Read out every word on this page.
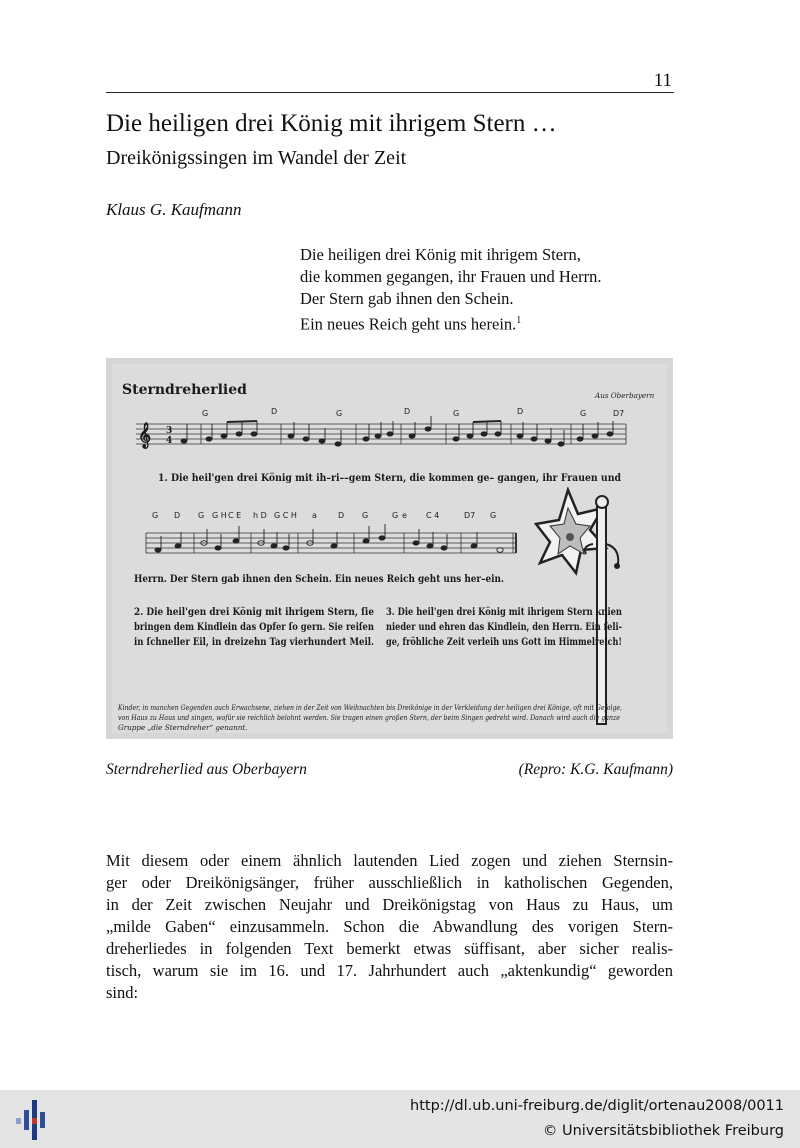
11
Die heiligen drei König mit ihrigem Stern …
Dreikönigssingen im Wandel der Zeit
Klaus G. Kaufmann
Die heiligen drei König mit ihrigem Stern,
die kommen gegangen, ihr Frauen und Herrn.
Der Stern gab ihnen den Schein.
Ein neues Reich geht uns herein.$^1$
Sterndreherlied	Aus Oberbayern
𝄞 3
4
G	D	G	D	G	D	G	D7
1. Die heil'gen drei König mit ih–ri––gem Stern, die kommen ge– gangen, ihr Frauen und
G D G G H C E h D G C H a	D G	G e C 4	D7 G
Herrn. Der Stern gab ihnen den Schein. Ein neues Reich geht uns her–ein.
2. Die heil'gen drei König mit ihrigem Stern, ſie
bringen dem Kindlein das Opfer ſo gern. Sie reiſen
in ſchneller Eil, in dreizehn Tag vierhundert Meil.
3. Die heil'gen drei König mit ihrigem Stern knien
nieder und ehren das Kindlein, den Herrn. Ein ſeli-
ge, fröhliche Zeit verleih uns Gott im Himmelreich!
Kinder, in manchen Gegenden auch Erwachsene, ziehen in der Zeit von Weihnachten bis Dreikönige in der Verkleidung der heiligen drei Könige, oft mit Gefolge,
von Haus zu Haus und singen, wofür sie reichlich belohnt werden. Sie tragen einen großen Stern, der beim Singen gedreht wird. Danach wird auch die ganze
Gruppe „die Sterndreher“ genannt.
Sterndreherlied aus Oberbayern	(Repro: K.G. Kaufmann)
Mit diesem oder einem ähnlich lautenden Lied zogen und ziehen Sternsin-
ger oder Dreikönigsänger, früher ausschließlich in katholischen Gegenden,
in der Zeit zwischen Neujahr und Dreikönigstag von Haus zu Haus, um
„milde Gaben“ einzusammeln. Schon die Abwandlung des vorigen Stern-
dreherliedes in folgenden Text bemerkt etwas süffisant, aber sicher realis-
tisch, warum sie im 16. und 17. Jahrhundert auch „aktenkundig“ geworden
sind:
http://dl.ub.uni-freiburg.de/diglit/ortenau2008/0011
© Universitätsbibliothek Freiburg
